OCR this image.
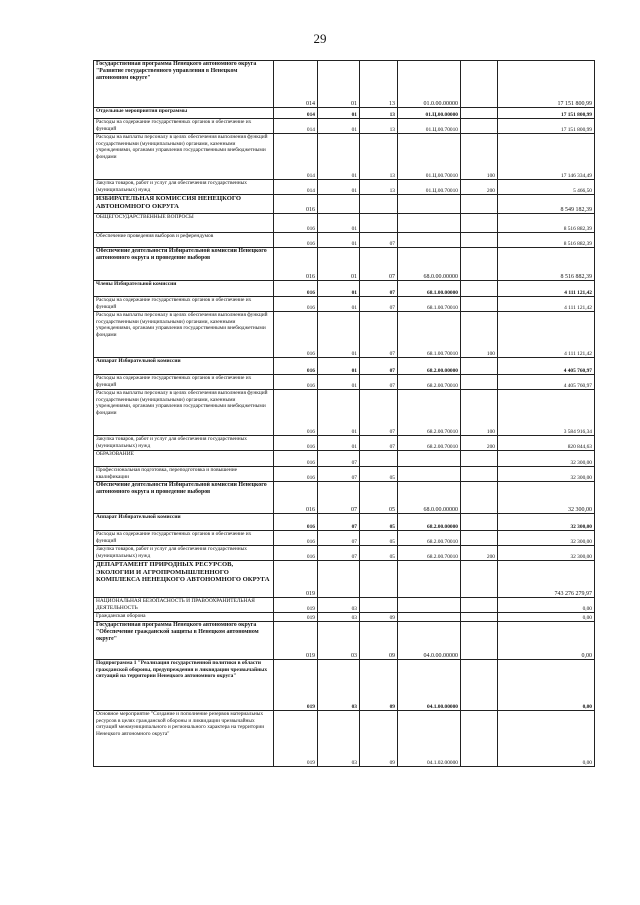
29
Государственная программа Ненецкого автономного округа "Развитие государственного управления в Ненецком автономном округе"	014	01	13	01.0.00.00000		17 151 800,99
Отдельные мероприятия программы	014	01	13	01.Ц.00.00000		17 151 800,99
Расходы на содержание государственных органов и обеспечение их функций	014	01	13	01.Ц.00.70010		17 151 800,99
Расходы на выплаты персоналу в целях обеспечения выполнения функций государственными (муниципальными) органами, казенными учреждениями, органами управления государственными внебюджетными фондами	014	01	13	01.Ц.00.70010	100	17 146 334,49
Закупка товаров, работ и услуг для обеспечения государственных (муниципальных) нужд	014	01	13	01.Ц.00.70010	200	5 466,50
ИЗБИРАТЕЛЬНАЯ КОМИССИЯ НЕНЕЦКОГО АВТОНОМНОГО ОКРУГА	016					8 549 182,39
ОБЩЕГОСУДАРСТВЕННЫЕ ВОПРОСЫ	016	01				8 516 882,39
Обеспечение проведения выборов и референдумов	016	01	07			8 516 882,39
Обеспечение деятельности Избирательной комиссии Ненецкого автономного округа и проведение выборов	016	01	07	68.0.00.00000		8 516 882,39
Члены Избирательной комиссии	016	01	07	68.1.00.00000		4 111 121,42
Расходы на содержание государственных органов и обеспечение их функций	016	01	07	68.1.00.70010		4 111 121,42
Расходы на выплаты персоналу в целях обеспечения выполнения функций государственными (муниципальными) органами, казенными учреждениями, органами управления государственными внебюджетными фондами	016	01	07	68.1.00.70010	100	4 111 121,42
Аппарат Избирательной комиссии	016	01	07	68.2.00.00000		4 405 760,97
Расходы на содержание государственных органов и обеспечение их функций	016	01	07	68.2.00.70010		4 405 760,97
Расходы на выплаты персоналу в целях обеспечения выполнения функций государственными (муниципальными) органами, казенными учреждениями, органами управления государственными внебюджетными фондами	016	01	07	68.2.00.70010	100	3 584 916,34
Закупка товаров, работ и услуг для обеспечения государственных (муниципальных) нужд	016	01	07	68.2.00.70010	200	820 844,63
ОБРАЗОВАНИЕ	016	07				32 300,00
Профессиональная подготовка, переподготовка и повышение квалификации	016	07	05			32 300,00
Обеспечение деятельности Избирательной комиссии Ненецкого автономного округа и проведение выборов	016	07	05	68.0.00.00000		32 300,00
Аппарат Избирательной комиссии	016	07	05	68.2.00.00000		32 300,00
Расходы на содержание государственных органов и обеспечение их функций	016	07	05	68.2.00.70010		32 300,00
Закупка товаров, работ и услуг для обеспечения государственных (муниципальных) нужд	016	07	05	68.2.00.70010	200	32 300,00
ДЕПАРТАМЕНТ ПРИРОДНЫХ РЕСУРСОВ, ЭКОЛОГИИ И АГРОПРОМЫШЛЕННОГО КОМПЛЕКСА НЕНЕЦКОГО АВТОНОМНОГО ОКРУГА	019					743 276 279,97
НАЦИОНАЛЬНАЯ БЕЗОПАСНОСТЬ И ПРАВООХРАНИТЕЛЬНАЯ ДЕЯТЕЛЬНОСТЬ	019	03				0,00
Гражданская оборона	019	03	09			0,00
Государственная программа Ненецкого автономного округа "Обеспечение гражданской защиты в Ненецком автономном округе"	019	03	09	04.0.00.00000		0,00
Подпрограмма 1 "Реализация государственной политики в области гражданской обороны, предупреждения и ликвидации чрезвычайных ситуаций на территории Ненецкого автономного округа"	019	03	09	04.1.00.00000		0,00
Основное мероприятие "Создание и пополнение резервов материальных ресурсов в целях гражданской обороны и ликвидации чрезвычайных ситуаций межмуниципального и регионального характера на территории Ненецкого автономного округа"	019	03	09	04.1.02.00000		0,00
